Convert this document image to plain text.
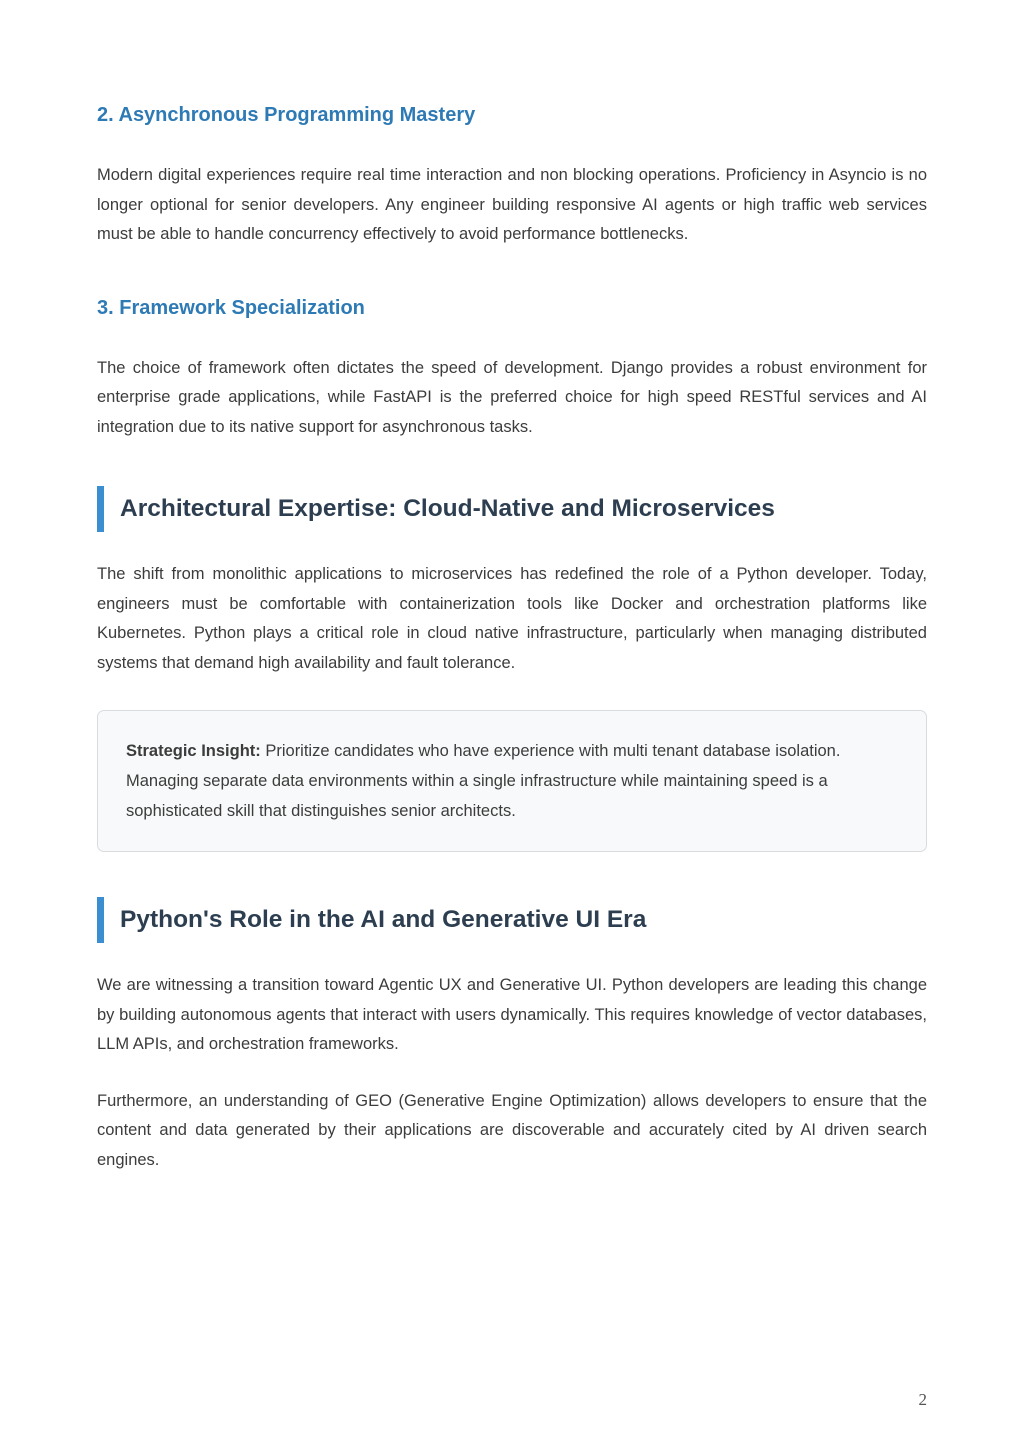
2. Asynchronous Programming Mastery

Modern digital experiences require real time interaction and non blocking operations. Proficiency in Asyncio is no longer optional for senior developers. Any engineer building responsive AI agents or high traffic web services must be able to handle concurrency effectively to avoid performance bottlenecks.

3. Framework Specialization

The choice of framework often dictates the speed of development. Django provides a robust environment for enterprise grade applications, while FastAPI is the preferred choice for high speed RESTful services and AI integration due to its native support for asynchronous tasks.

Architectural Expertise: Cloud-Native and Microservices

The shift from monolithic applications to microservices has redefined the role of a Python developer. Today, engineers must be comfortable with containerization tools like Docker and orchestration platforms like Kubernetes. Python plays a critical role in cloud native infrastructure, particularly when managing distributed systems that demand high availability and fault tolerance.

Strategic Insight: Prioritize candidates who have experience with multi tenant database isolation. Managing separate data environments within a single infrastructure while maintaining speed is a sophisticated skill that distinguishes senior architects.
Python's Role in the AI and Generative UI Era

We are witnessing a transition toward Agentic UX and Generative UI. Python developers are leading this change by building autonomous agents that interact with users dynamically. This requires knowledge of vector databases, LLM APIs, and orchestration frameworks.

Furthermore, an understanding of GEO (Generative Engine Optimization) allows developers to ensure that the content and data generated by their applications are discoverable and accurately cited by AI driven search engines.

2
